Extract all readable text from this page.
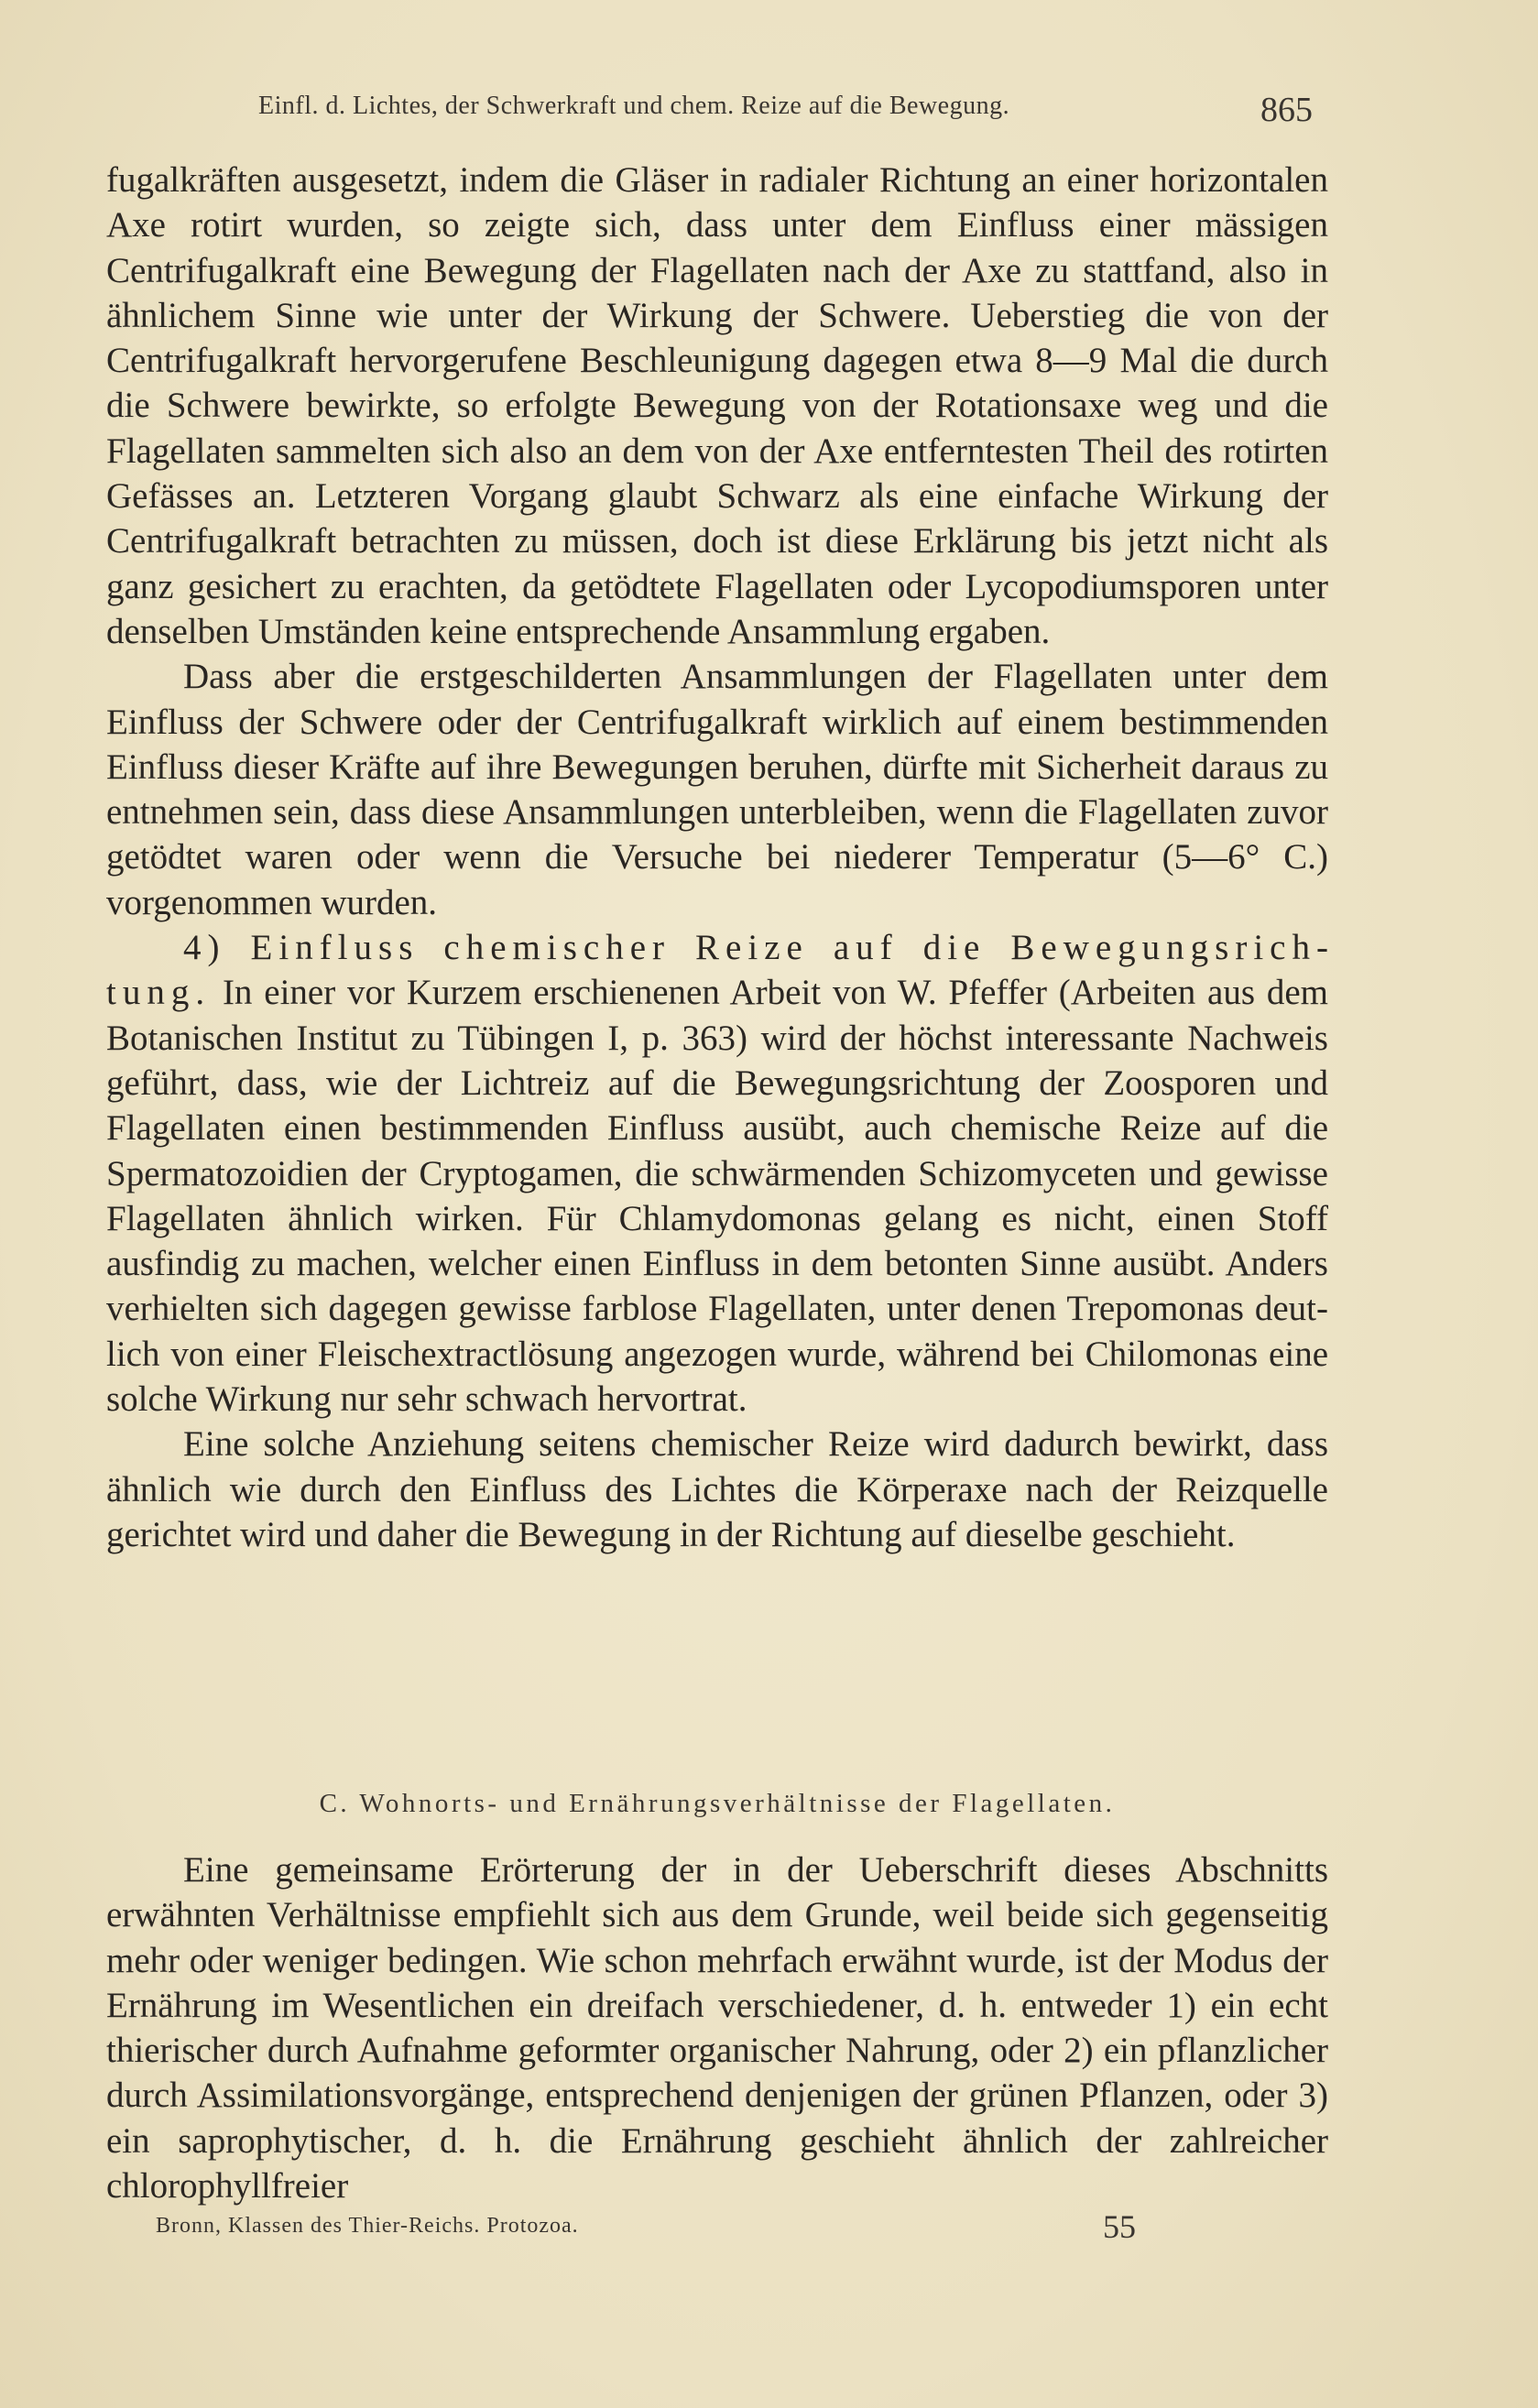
Einfl. d. Lichtes, der Schwerkraft und chem. Reize auf die Bewegung.	865

fugalkräften ausgesetzt, indem die Gläser in radialer Richtung an einer horizontalen Axe rotirt wurden, so zeigte sich, dass unter dem Einfluss einer mässigen Centrifugalkraft eine Bewegung der Flagellaten nach der Axe zu stattfand, also in ähnlichem Sinne wie unter der Wirkung der Schwere. Ueberstieg die von der Centrifugalkraft hervorgerufene Beschleunigung dagegen etwa 8—9 Mal die durch die Schwere bewirkte, so erfolgte Bewegung von der Rotationsaxe weg und die Flagellaten sammelten sich also an dem von der Axe entferntesten Theil des rotirten Gefässes an. Letzteren Vorgang glaubt Schwarz als eine einfache Wirkung der Centrifugalkraft betrachten zu müssen, doch ist diese Erklärung bis jetzt nicht als ganz gesichert zu erachten, da getödtete Flagellaten oder Lycopodiumsporen unter denselben Umständen keine entsprechende Ansammlung ergaben.

Dass aber die erstgeschilderten Ansammlungen der Flagellaten unter dem Einfluss der Schwere oder der Centrifugalkraft wirklich auf einem bestimmenden Einfluss dieser Kräfte auf ihre Bewegungen beruhen, dürfte mit Sicherheit daraus zu entnehmen sein, dass diese Ansammlungen unterbleiben, wenn die Flagellaten zuvor getödtet waren oder wenn die Versuche bei niederer Temperatur (5—6° C.) vorgenommen wurden.

4) Einfluss chemischer Reize auf die Bewegungsrichtung. In einer vor Kurzem erschienenen Arbeit von W. Pfeffer (Arbeiten aus dem Botanischen Institut zu Tübingen I, p. 363) wird der höchst interessante Nachweis geführt, dass, wie der Lichtreiz auf die Bewegungsrichtung der Zoosporen und Flagellaten einen bestimmenden Einfluss ausübt, auch chemische Reize auf die Spermatozoidien der Cryptogamen, die schwärmenden Schizomyceten und gewisse Flagellaten ähnlich wirken. Für Chlamydomonas gelang es nicht, einen Stoff ausfindig zu machen, welcher einen Einfluss in dem betonten Sinne ausübt. Anders verhielten sich dagegen gewisse farblose Flagellaten, unter denen Trepomonas deutlich von einer Fleischextractlösung angezogen wurde, während bei Chilomonas eine solche Wirkung nur sehr schwach hervortrat.

Eine solche Anziehung seitens chemischer Reize wird dadurch bewirkt, dass ähnlich wie durch den Einfluss des Lichtes die Körperaxe nach der Reizquelle gerichtet wird und daher die Bewegung in der Richtung auf dieselbe geschieht.

C. Wohnorts- und Ernährungsverhältnisse der Flagellaten.

Eine gemeinsame Erörterung der in der Ueberschrift dieses Abschnitts erwähnten Verhältnisse empfiehlt sich aus dem Grunde, weil beide sich gegenseitig mehr oder weniger bedingen. Wie schon mehrfach erwähnt wurde, ist der Modus der Ernährung im Wesentlichen ein dreifach verschiedener, d. h. entweder 1) ein echt thierischer durch Aufnahme geformter organischer Nahrung, oder 2) ein pflanzlicher durch Assimilationsvorgänge, entsprechend denjenigen der grünen Pflanzen, oder 3) ein saprophytischer, d. h. die Ernährung geschieht ähnlich der zahlreicher chlorophyllfreier

Bronn, Klassen des Thier-Reichs. Protozoa.	55
